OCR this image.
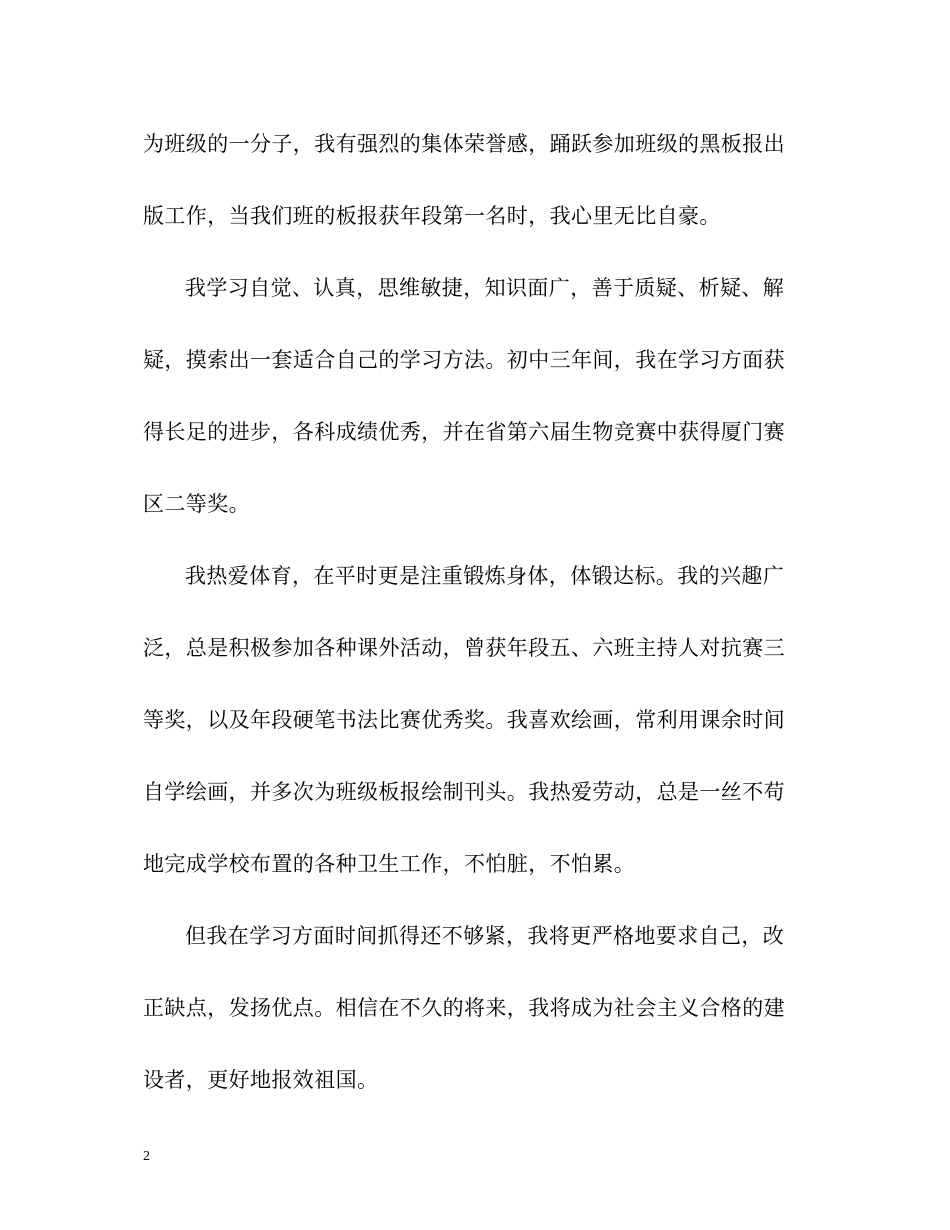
为班级的一分子，我有强烈的集体荣誉感，踊跃参加班级的黑板报出
版工作，当我们班的板报获年段第一名时，我心里无比自豪。
我学习自觉、认真，思维敏捷，知识面广，善于质疑、析疑、解
疑，摸索出一套适合自己的学习方法。初中三年间，我在学习方面获
得长足的进步，各科成绩优秀，并在省第六届生物竞赛中获得厦门赛
区二等奖。
我热爱体育，在平时更是注重锻炼身体，体锻达标。我的兴趣广
泛，总是积极参加各种课外活动，曾获年段五、六班主持人对抗赛三
等奖，以及年段硬笔书法比赛优秀奖。我喜欢绘画，常利用课余时间
自学绘画，并多次为班级板报绘制刊头。我热爱劳动，总是一丝不苟
地完成学校布置的各种卫生工作，不怕脏，不怕累。
但我在学习方面时间抓得还不够紧，我将更严格地要求自己，改
正缺点，发扬优点。相信在不久的将来，我将成为社会主义合格的建
设者，更好地报效祖国。
2
